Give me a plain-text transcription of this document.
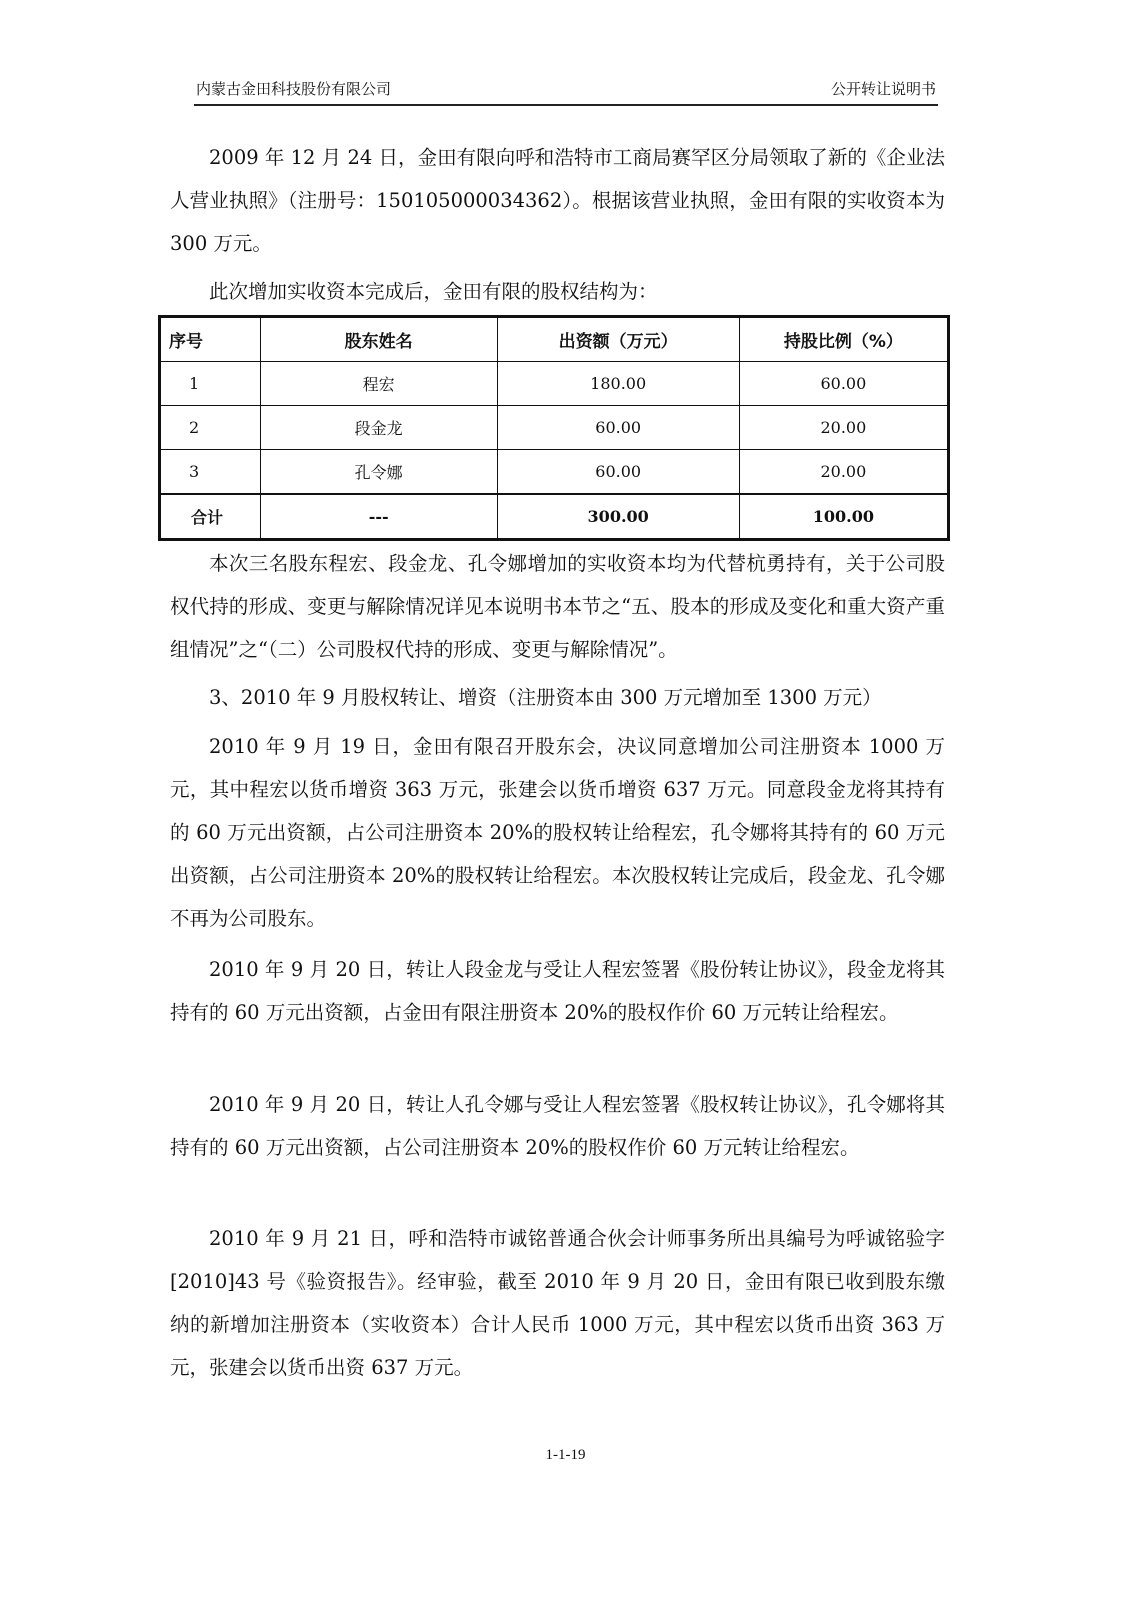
内蒙古金田科技股份有限公司	公开转让说明书

2009 年 12 月 24 日，金田有限向呼和浩特市工商局赛罕区分局领取了新的《企业法人营业执照》（注册号：150105000034362）。根据该营业执照，金田有限的实收资本为 300 万元。

此次增加实收资本完成后，金田有限的股权结构为：

序号	股东姓名	出资额（万元）	持股比例（%）
1	程宏	180.00	60.00
2	段金龙	60.00	20.00
3	孔令娜	60.00	20.00
合计	---	300.00	100.00

本次三名股东程宏、段金龙、孔令娜增加的实收资本均为代替杭勇持有，关于公司股权代持的形成、变更与解除情况详见本说明书本节之“五、股本的形成及变化和重大资产重组情况”之“（二）公司股权代持的形成、变更与解除情况”。

3、2010 年 9 月股权转让、增资（注册资本由 300 万元增加至 1300 万元）

2010 年 9 月 19 日，金田有限召开股东会，决议同意增加公司注册资本 1000 万元，其中程宏以货币增资 363 万元，张建会以货币增资 637 万元。同意段金龙将其持有的 60 万元出资额，占公司注册资本 20%的股权转让给程宏，孔令娜将其持有的 60 万元出资额，占公司注册资本 20%的股权转让给程宏。本次股权转让完成后，段金龙、孔令娜不再为公司股东。

2010 年 9 月 20 日，转让人段金龙与受让人程宏签署《股份转让协议》，段金龙将其持有的 60 万元出资额，占金田有限注册资本 20%的股权作价 60 万元转让给程宏。

2010 年 9 月 20 日，转让人孔令娜与受让人程宏签署《股权转让协议》，孔令娜将其持有的 60 万元出资额，占公司注册资本 20%的股权作价 60 万元转让给程宏。

2010 年 9 月 21 日，呼和浩特市诚铭普通合伙会计师事务所出具编号为呼诚铭验字[2010]43 号《验资报告》。经审验，截至 2010 年 9 月 20 日，金田有限已收到股东缴纳的新增加注册资本（实收资本）合计人民币 1000 万元，其中程宏以货币出资 363 万元，张建会以货币出资 637 万元。

1-1-19
